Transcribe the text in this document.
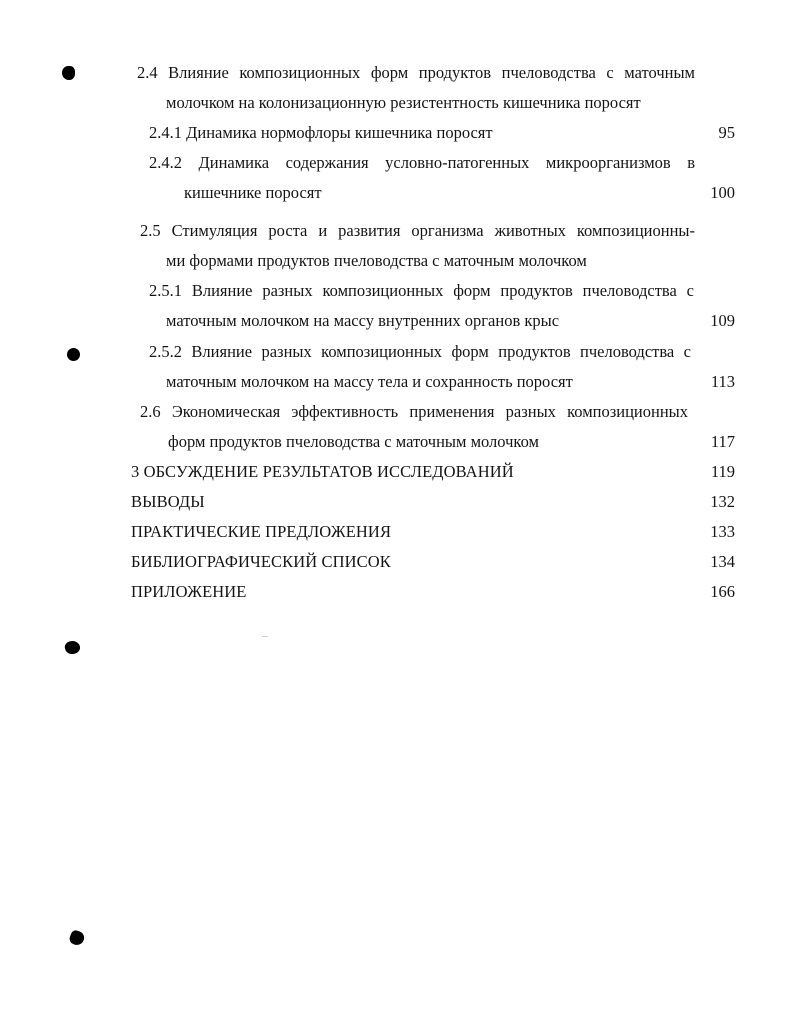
2.4 Влияние композиционных форм продуктов пчеловодства с маточным
молочком на колонизационную резистентность кишечника поросят
2.4.1 Динамика нормофлоры кишечника поросят	95
2.4.2 Динамика содержания условно-патогенных микроорганизмов в
кишечнике поросят	100
2.5 Стимуляция роста и развития организма животных композиционны-
ми формами продуктов пчеловодства с маточным молочком
2.5.1 Влияние разных композиционных форм продуктов пчеловодства с
маточным молочком на массу внутренних органов крыс	109
2.5.2 Влияние разных композиционных форм продуктов пчеловодства с
маточным молочком на массу тела и сохранность поросят	113
2.6 Экономическая эффективность применения разных композиционных
форм продуктов пчеловодства с маточным молочком	117
3 ОБСУЖДЕНИЕ РЕЗУЛЬТАТОВ ИССЛЕДОВАНИЙ	119
ВЫВОДЫ	132
ПРАКТИЧЕСКИЕ ПРЕДЛОЖЕНИЯ	133
БИБЛИОГРАФИЧЕСКИЙ СПИСОК	134
ПРИЛОЖЕНИЕ	166
